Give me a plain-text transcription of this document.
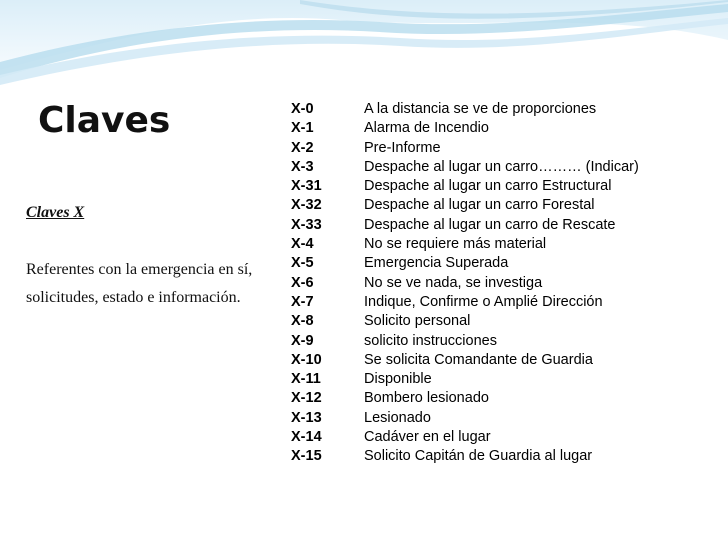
Claves
Claves X
Referentes con la emergencia en sí, solicitudes, estado e información.
X-0	A la distancia se ve de proporciones
X-1	Alarma de Incendio
X-2	Pre-Informe
X-3	Despache al lugar un carro……… (Indicar)
X-31	Despache al lugar un carro Estructural
X-32	Despache al lugar un carro Forestal
X-33	Despache al lugar un carro de Rescate
X-4	No se requiere más material
X-5	Emergencia Superada
X-6	No se ve nada, se investiga
X-7	Indique, Confirme o Amplié Dirección
X-8	Solicito personal
X-9	solicito instrucciones
X-10	Se solicita Comandante de Guardia
X-11	Disponible
X-12	Bombero lesionado
X-13	Lesionado
X-14	Cadáver en el lugar
X-15	Solicito Capitán de Guardia al lugar
